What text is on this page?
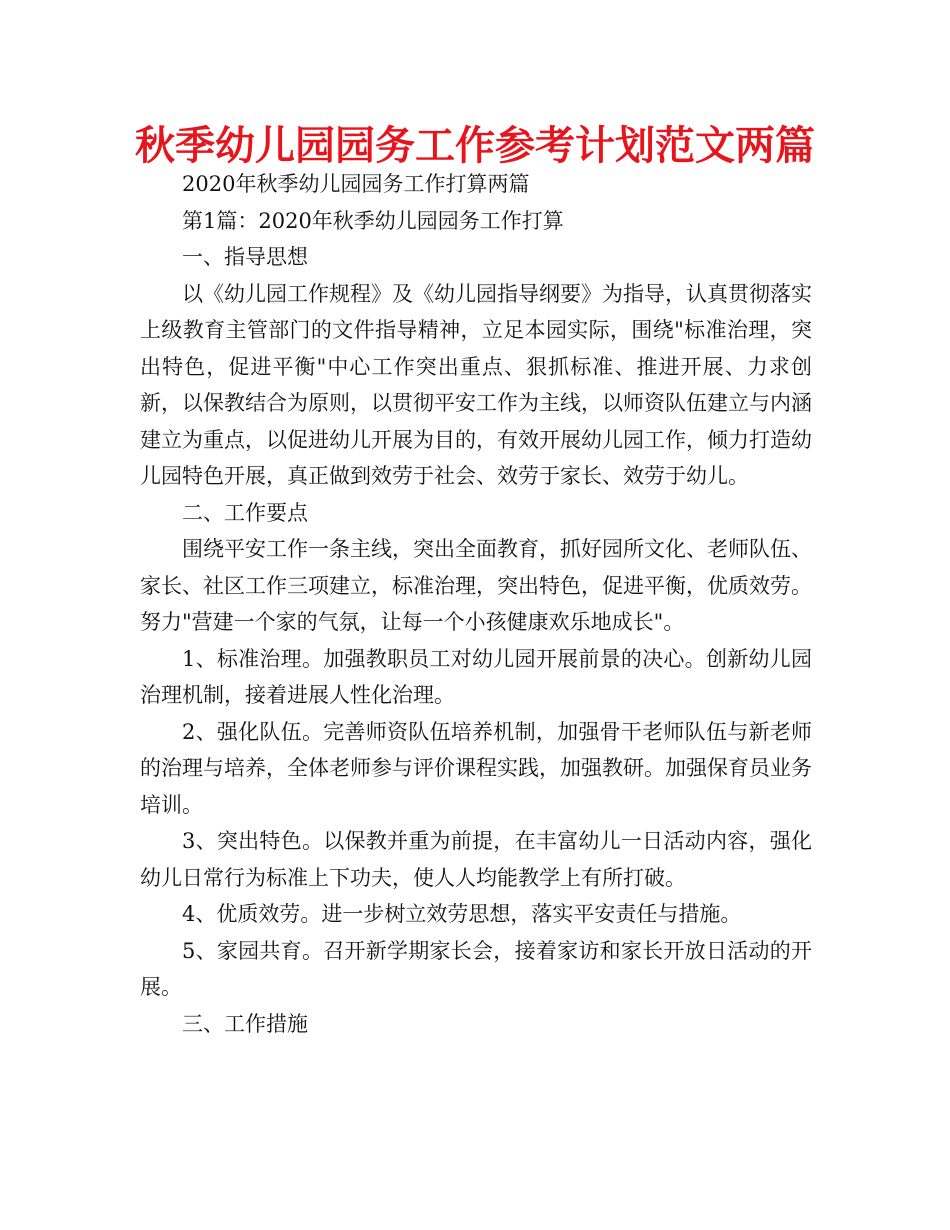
秋季幼儿园园务工作参考计划范文两篇

2020年秋季幼儿园园务工作打算两篇

第1篇：2020年秋季幼儿园园务工作打算

一、指导思想

以《幼儿园工作规程》及《幼儿园指导纲要》为指导，认真贯彻落实上级教育主管部门的文件指导精神，立足本园实际，围绕"标准治理，突出特色，促进平衡"中心工作突出重点、狠抓标准、推进开展、力求创新，以保教结合为原则，以贯彻平安工作为主线，以师资队伍建立与内涵建立为重点，以促进幼儿开展为目的，有效开展幼儿园工作，倾力打造幼儿园特色开展，真正做到效劳于社会、效劳于家长、效劳于幼儿。

二、工作要点

围绕平安工作一条主线，突出全面教育，抓好园所文化、老师队伍、家长、社区工作三项建立，标准治理，突出特色，促进平衡，优质效劳。努力"营建一个家的气氛，让每一个小孩健康欢乐地成长"。

1、标准治理。加强教职员工对幼儿园开展前景的决心。创新幼儿园治理机制，接着进展人性化治理。

2、强化队伍。完善师资队伍培养机制，加强骨干老师队伍与新老师的治理与培养，全体老师参与评价课程实践，加强教研。加强保育员业务培训。

3、突出特色。以保教并重为前提，在丰富幼儿一日活动内容，强化幼儿日常行为标准上下功夫，使人人均能教学上有所打破。

4、优质效劳。进一步树立效劳思想，落实平安责任与措施。

5、家园共育。召开新学期家长会，接着家访和家长开放日活动的开展。

三、工作措施
